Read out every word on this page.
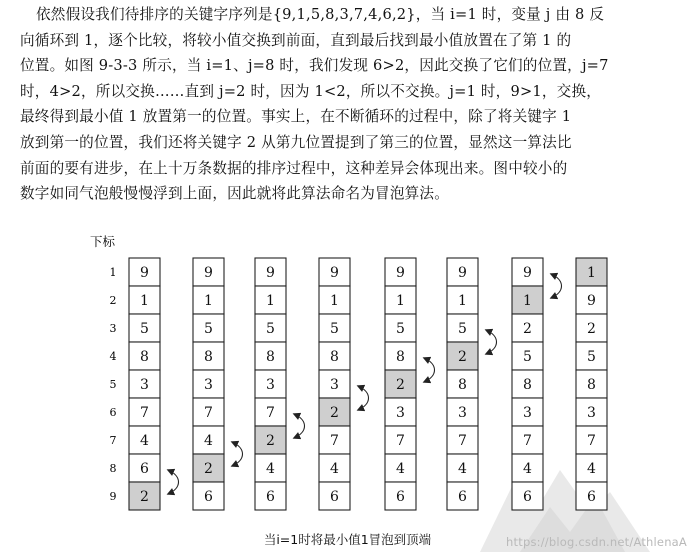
依然假设我们待排序的关键字序列是{9,1,5,8,3,7,4,6,2}，当 i=1 时，变量 j 由 8 反

向循环到 1，逐个比较，将较小值交换到前面，直到最后找到最小值放置在了第 1 的

位置。如图 9-3-3 所示，当 i=1、j=8 时，我们发现 6>2，因此交换了它们的位置，j=7

时，4>2，所以交换……直到 j=2 时，因为 1<2，所以不交换。j=1 时，9>1，交换，

最终得到最小值 1 放置第一的位置。事实上，在不断循环的过程中，除了将关键字 1

放到第一的位置，我们还将关键字 2 从第九位置提到了第三的位置，显然这一算法比

前面的要有进步，在上十万条数据的排序过程中，这种差异会体现出来。图中较小的

数字如同气泡般慢慢浮到上面，因此就将此算法命名为冒泡算法。

下标
1
2
3
4
5
6
7
8
9
9
1
5
8
3
7
4
6
2
9
1
5
8
3
7
4
2
6
9
1
5
8
3
7
2
4
6
9
1
5
8
3
2
7
4
6
9
1
5
8
2
3
7
4
6
9
1
5
2
8
3
7
4
6
9
1
2
5
8
3
7
4
6
1
9
2
5
8
3
7
4
6
当i=1时将最小值1冒泡到顶端	https://blog.csdn.net/AthlenaA
